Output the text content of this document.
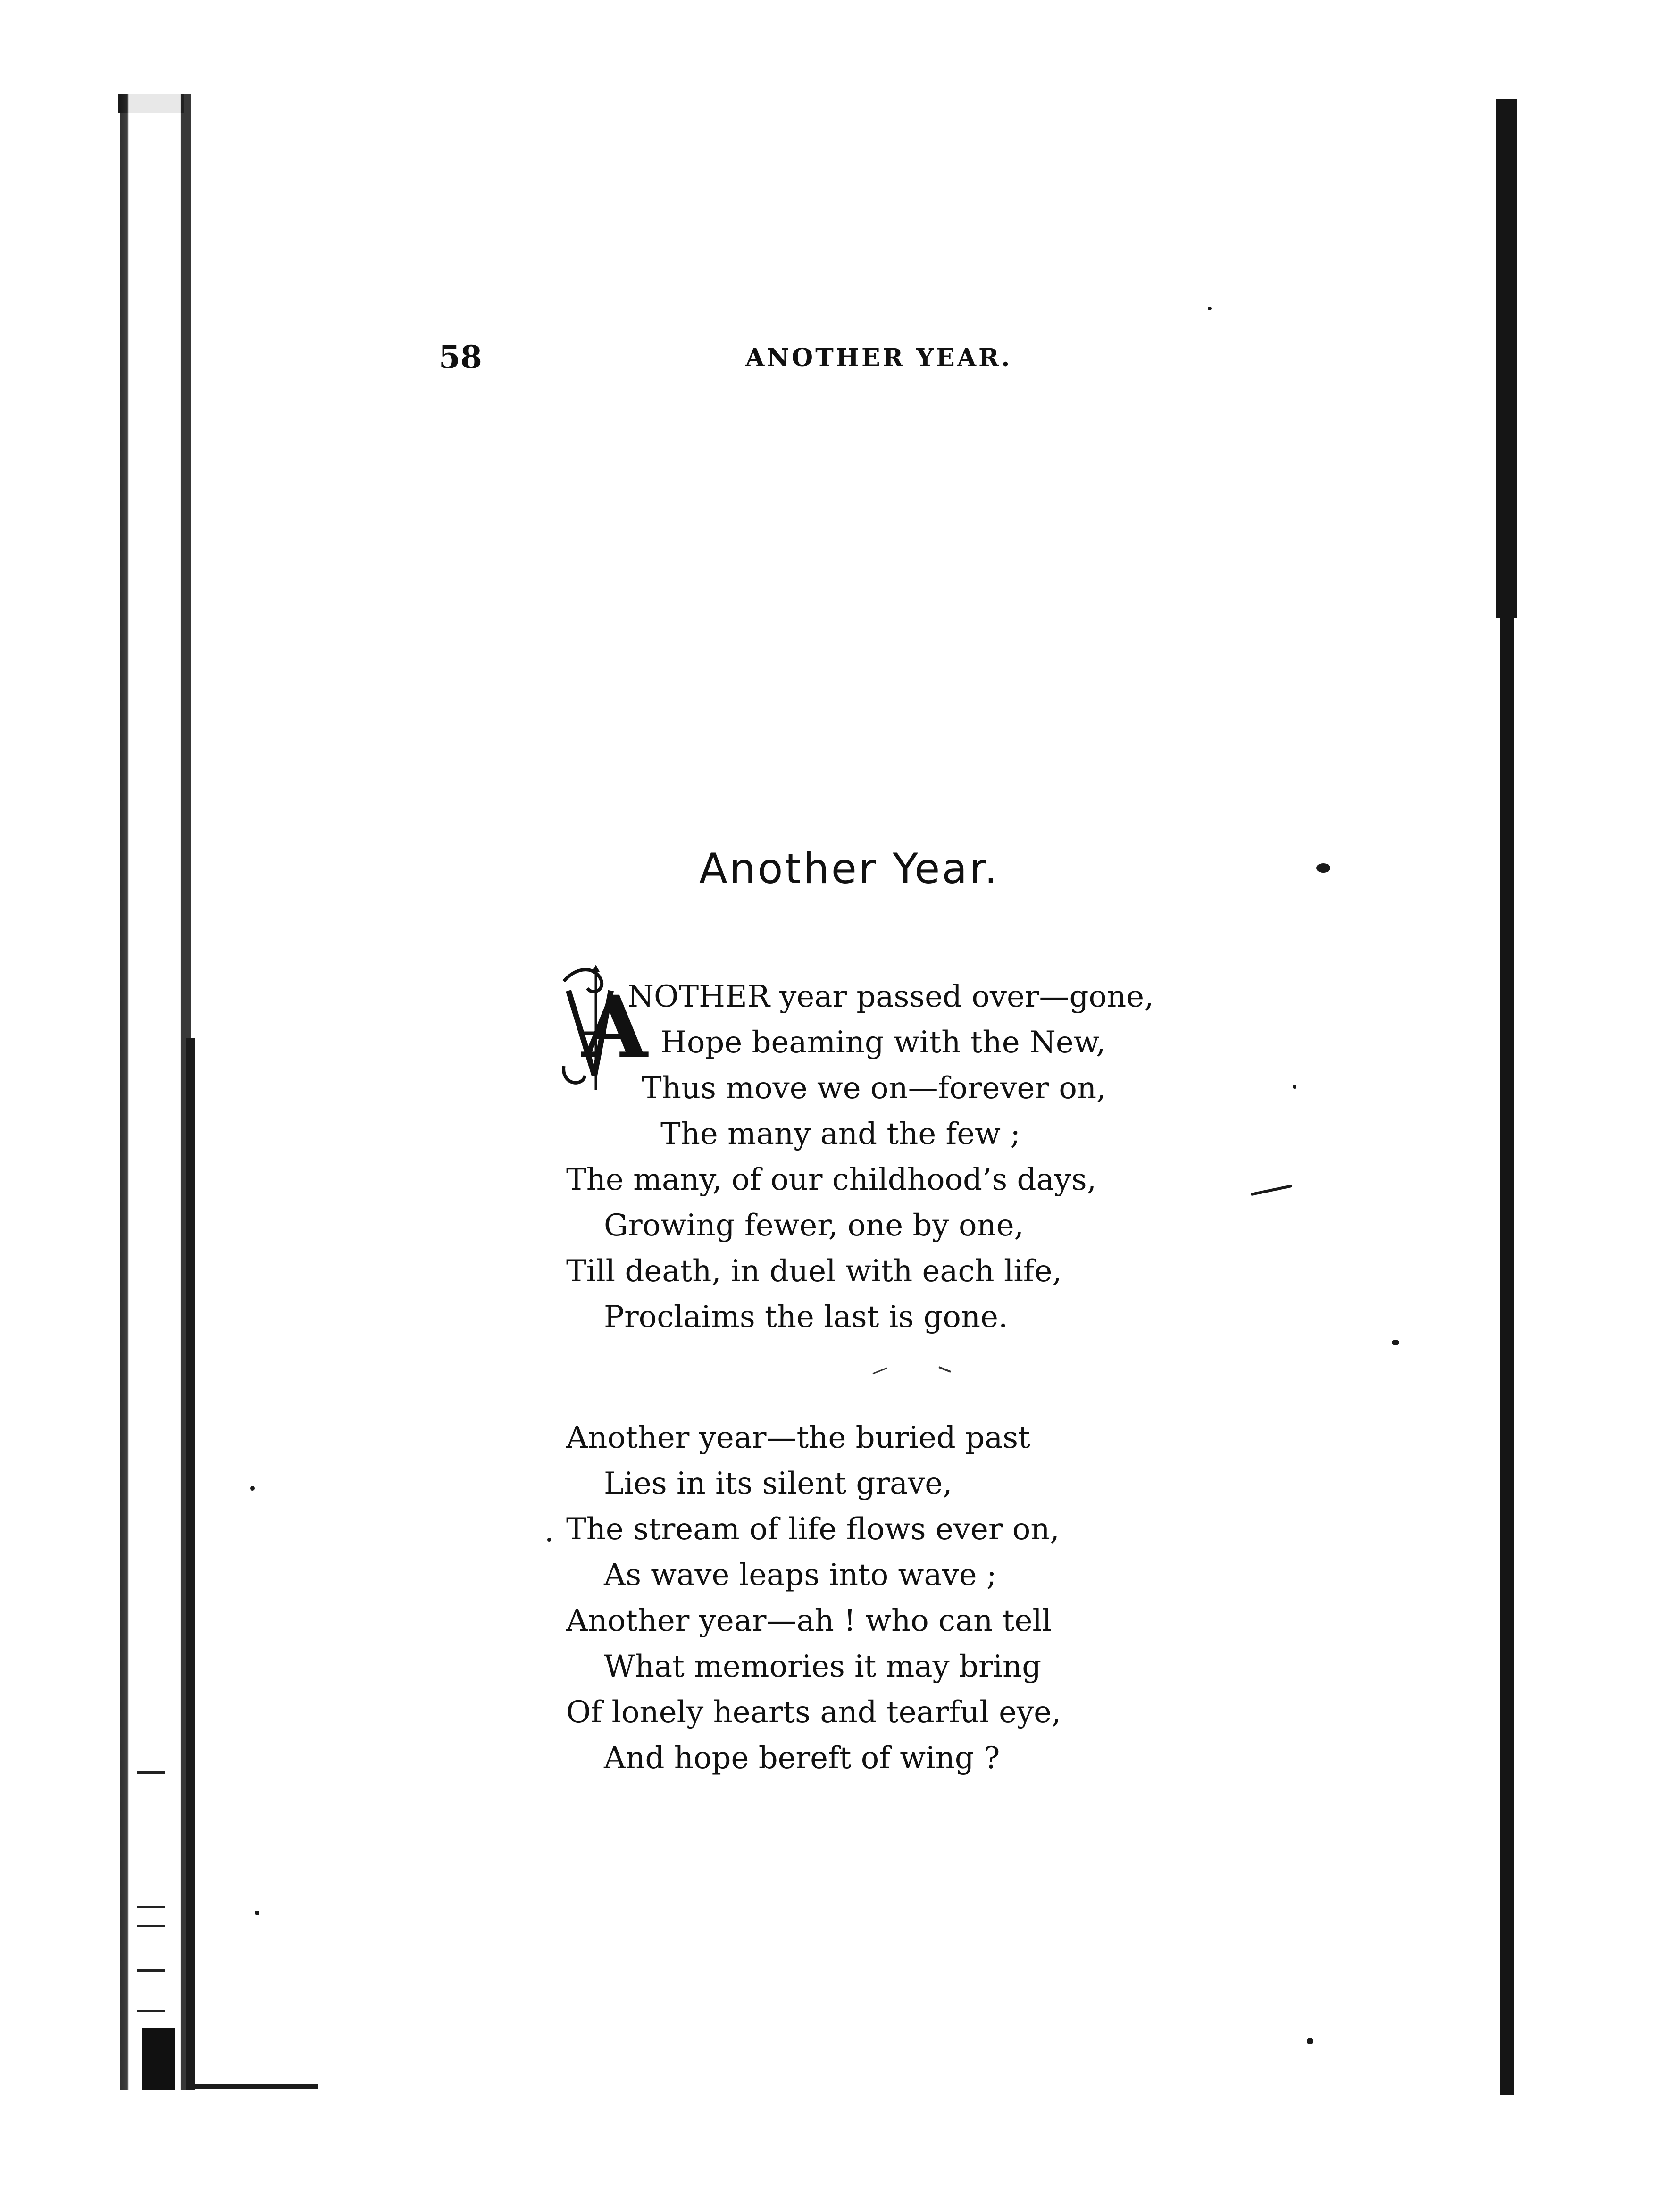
58	ANOTHER YEAR.
Another Year.
A
NOTHER year passed over—gone,
Hope beaming with the New,
Thus move we on—forever on,
The many and the few ;
The many, of our childhood’s days,
Growing fewer, one by one,
Till death, in duel with each life,
Proclaims the last is gone.
Another year—the buried past
Lies in its silent grave,
The stream of life flows ever on,
As wave leaps into wave ;
Another year—ah ! who can tell
What memories it may bring
Of lonely hearts and tearful eye,
And hope bereft of wing ?
